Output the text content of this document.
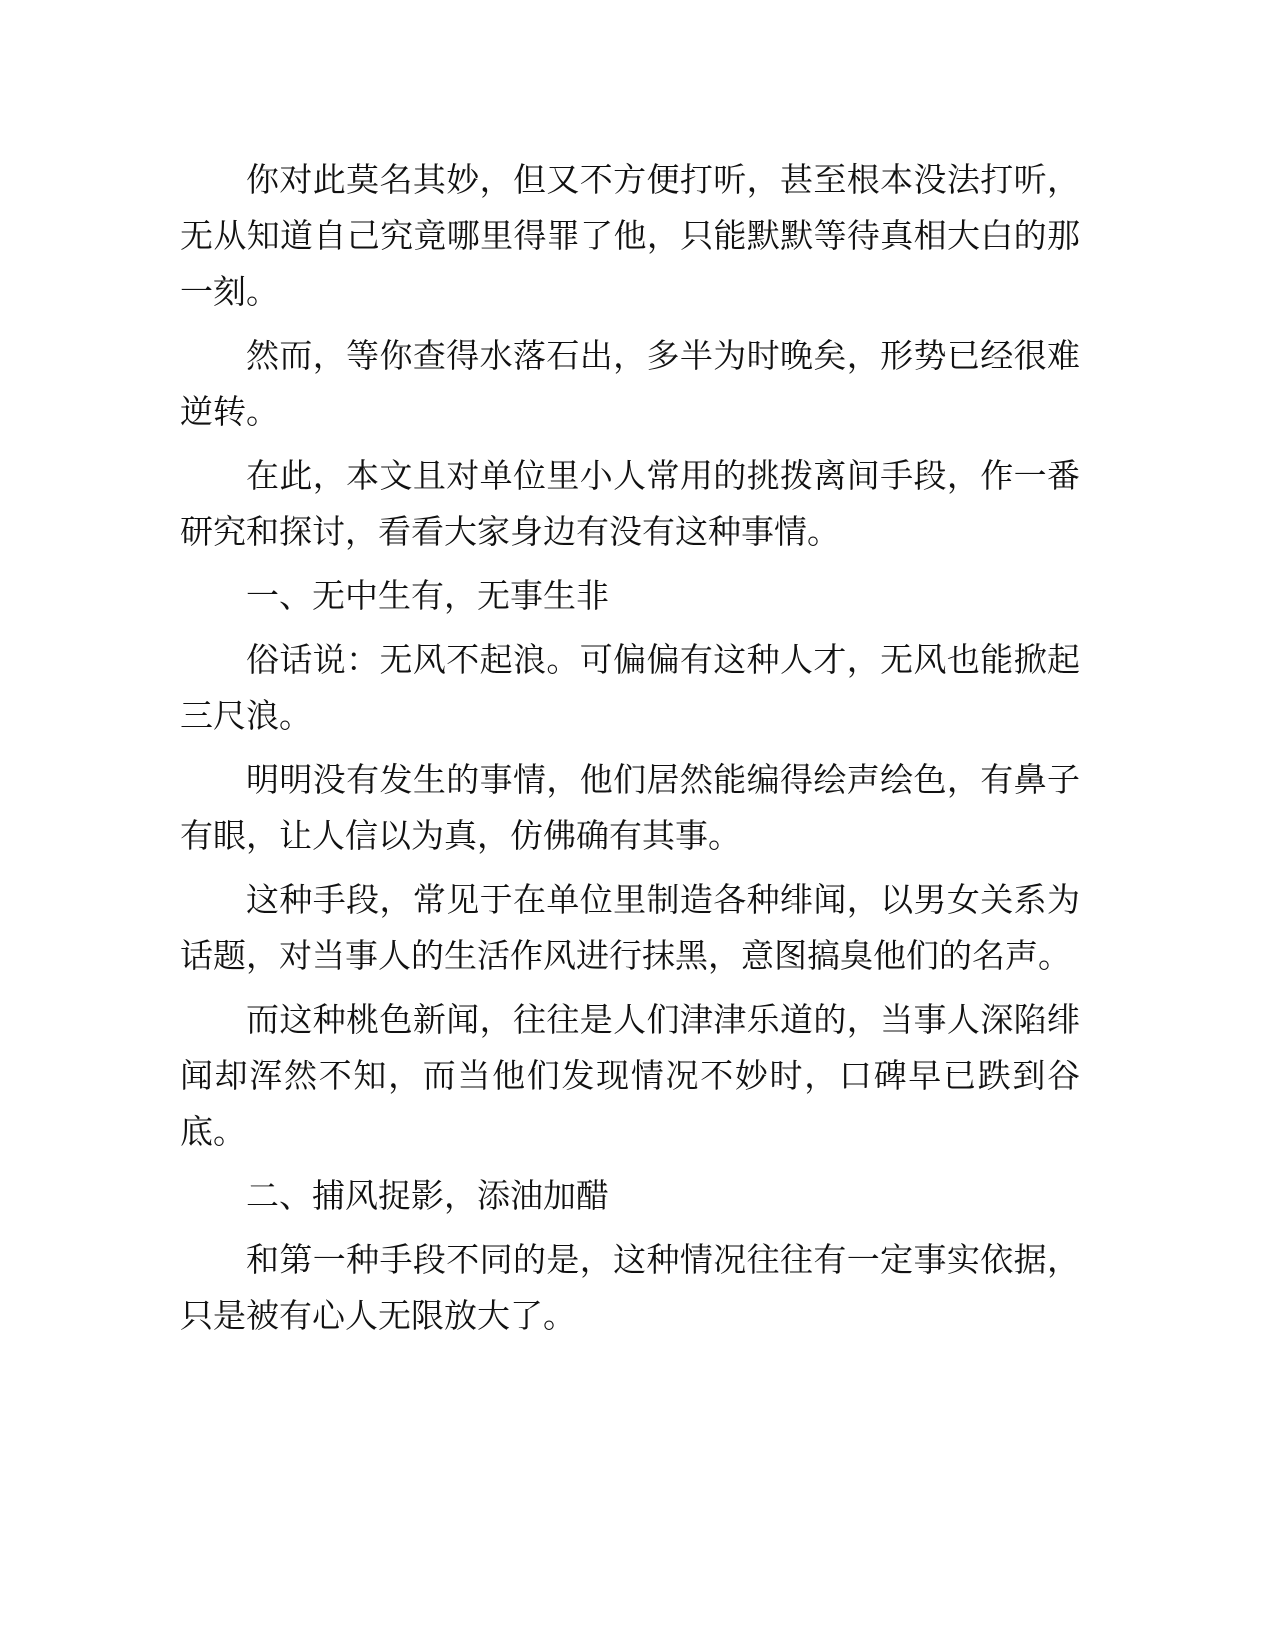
你对此莫名其妙，但又不方便打听，甚至根本没法打听，无从知道自己究竟哪里得罪了他，只能默默等待真相大白的那一刻。

然而，等你查得水落石出，多半为时晚矣，形势已经很难逆转。

在此，本文且对单位里小人常用的挑拨离间手段，作一番研究和探讨，看看大家身边有没有这种事情。

一、无中生有，无事生非

俗话说：无风不起浪。可偏偏有这种人才，无风也能掀起三尺浪。

明明没有发生的事情，他们居然能编得绘声绘色，有鼻子有眼，让人信以为真，仿佛确有其事。

这种手段，常见于在单位里制造各种绯闻，以男女关系为话题，对当事人的生活作风进行抹黑，意图搞臭他们的名声。

而这种桃色新闻，往往是人们津津乐道的，当事人深陷绯闻却浑然不知，而当他们发现情况不妙时，口碑早已跌到谷底。

二、捕风捉影，添油加醋

和第一种手段不同的是，这种情况往往有一定事实依据，只是被有心人无限放大了。
